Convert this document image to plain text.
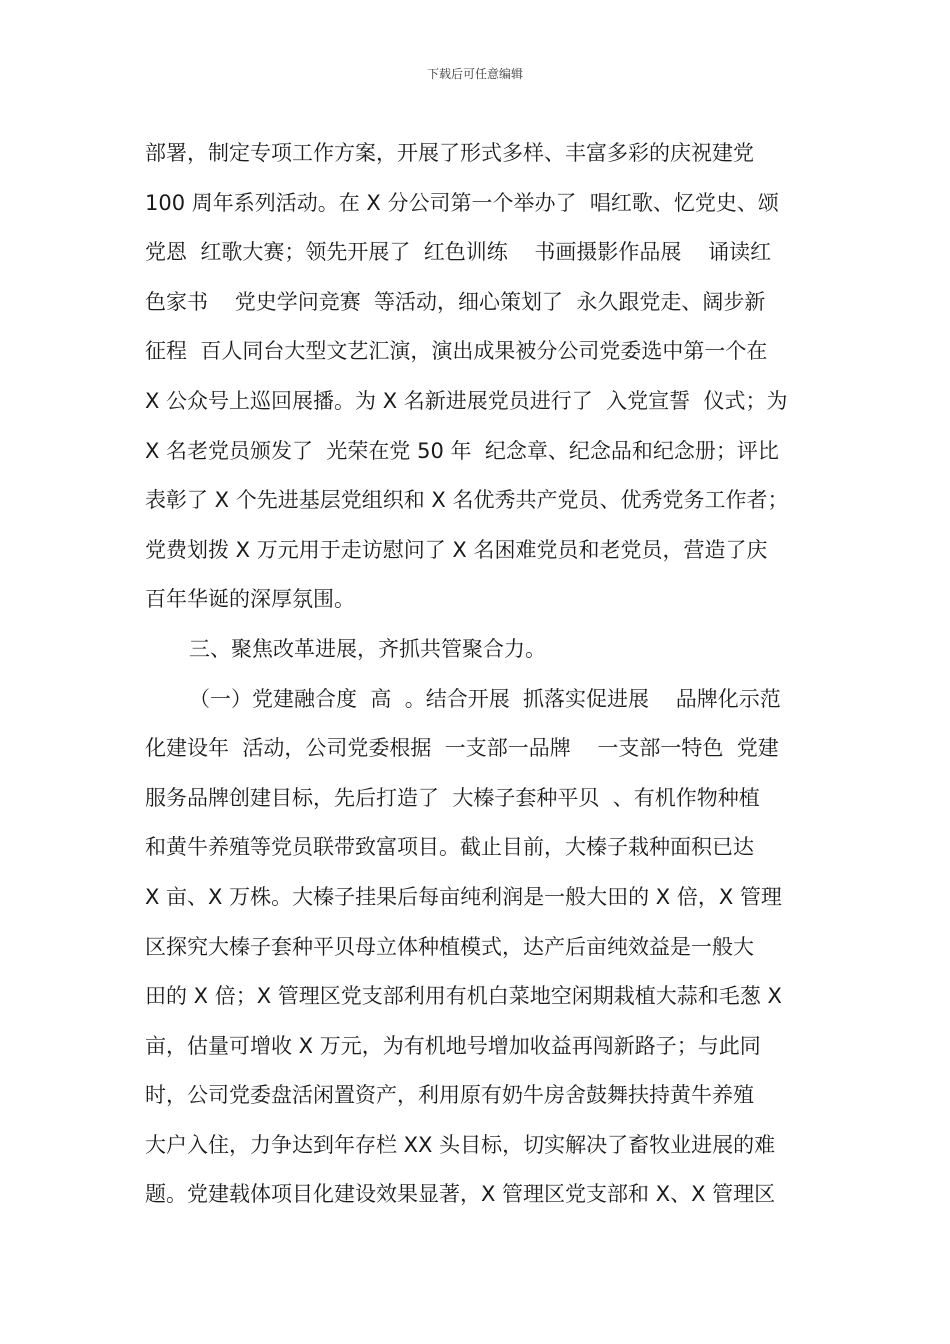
下载后可任意编辑
部署，制定专项工作方案，开展了形式多样、丰富多彩的庆祝建党
100 周年系列活动。在 X 分公司第一个举办了  唱红歌、忆党史、颂
党恩  红歌大赛；领先开展了  红色训练    书画摄影作品展    诵读红
色家书    党史学问竞赛  等活动，细心策划了  永久跟党走、阔步新
征程  百人同台大型文艺汇演，演出成果被分公司党委选中第一个在
X 公众号上巡回展播。为 X 名新进展党员进行了  入党宣誓  仪式；为
X 名老党员颁发了  光荣在党 50 年  纪念章、纪念品和纪念册；评比
表彰了 X 个先进基层党组织和 X 名优秀共产党员、优秀党务工作者；
党费划拨 X 万元用于走访慰问了 X 名困难党员和老党员，营造了庆
百年华诞的深厚氛围。
三、聚焦改革进展，齐抓共管聚合力。
（一）党建融合度  高  。结合开展  抓落实促进展    品牌化示范
化建设年  活动，公司党委根据  一支部一品牌    一支部一特色  党建
服务品牌创建目标，先后打造了  大榛子套种平贝  、有机作物种植
和黄牛养殖等党员联带致富项目。截止目前，大榛子栽种面积已达
X 亩、X 万株。大榛子挂果后每亩纯利润是一般大田的 X 倍，X 管理
区探究大榛子套种平贝母立体种植模式，达产后亩纯效益是一般大
田的 X 倍；X 管理区党支部利用有机白菜地空闲期栽植大蒜和毛葱 X
亩，估量可增收 X 万元，为有机地号增加收益再闯新路子；与此同
时，公司党委盘活闲置资产，利用原有奶牛房舍鼓舞扶持黄牛养殖
大户入住，力争达到年存栏 XX 头目标，切实解决了畜牧业进展的难
题。党建载体项目化建设效果显著，X 管理区党支部和 X、X 管理区
